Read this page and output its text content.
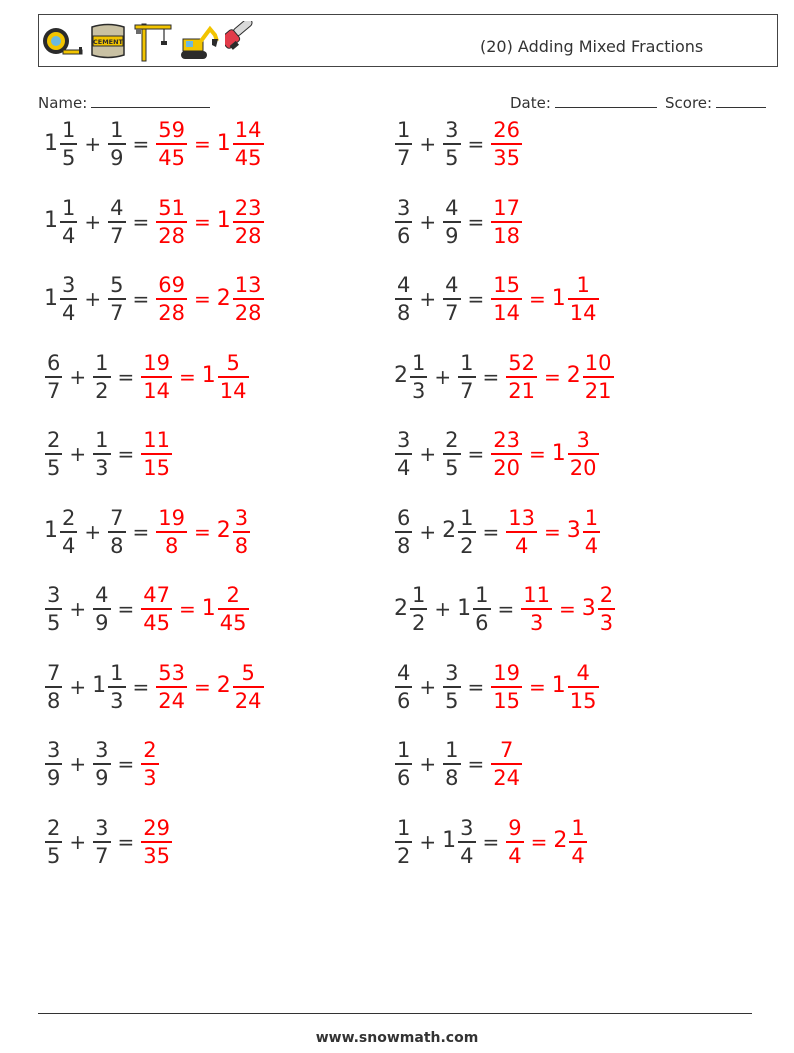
CEMENT	(20) Adding Mixed Fractions
Name:	Date:	Score:
$1 \frac{1}{5} + \frac{1}{9} = \frac{59}{45} = 1 \frac{14}{45}$	$\frac{1}{7} + \frac{3}{5} = \frac{26}{35}$
$1 \frac{1}{4} + \frac{4}{7} = \frac{51}{28} = 1 \frac{23}{28}$	$\frac{3}{6} + \frac{4}{9} = \frac{17}{18}$
$1 \frac{3}{4} + \frac{5}{7} = \frac{69}{28} = 2 \frac{13}{28}$	$\frac{4}{8} + \frac{4}{7} = \frac{15}{14} = 1 \frac{1}{14}$
$\frac{6}{7} + \frac{1}{2} = \frac{19}{14} = 1 \frac{5}{14}$	$2 \frac{1}{3} + \frac{1}{7} = \frac{52}{21} = 2 \frac{10}{21}$
$\frac{2}{5} + \frac{1}{3} = \frac{11}{15}$	$\frac{3}{4} + \frac{2}{5} = \frac{23}{20} = 1 \frac{3}{20}$
$1 \frac{2}{4} + \frac{7}{8} = \frac{19}{8} = 2 \frac{3}{8}$	$\frac{6}{8} + 2 \frac{1}{2} = \frac{13}{4} = 3 \frac{1}{4}$
$\frac{3}{5} + \frac{4}{9} = \frac{47}{45} = 1 \frac{2}{45}$	$2 \frac{1}{2} + 1 \frac{1}{6} = \frac{11}{3} = 3 \frac{2}{3}$
$\frac{7}{8} + 1 \frac{1}{3} = \frac{53}{24} = 2 \frac{5}{24}$	$\frac{4}{6} + \frac{3}{5} = \frac{19}{15} = 1 \frac{4}{15}$
$\frac{3}{9} + \frac{3}{9} = \frac{2}{3}$	$\frac{1}{6} + \frac{1}{8} = \frac{7}{24}$
$\frac{2}{5} + \frac{3}{7} = \frac{29}{35}$	$\frac{1}{2} + 1 \frac{3}{4} = \frac{9}{4} = 2 \frac{1}{4}$
www.snowmath.com
